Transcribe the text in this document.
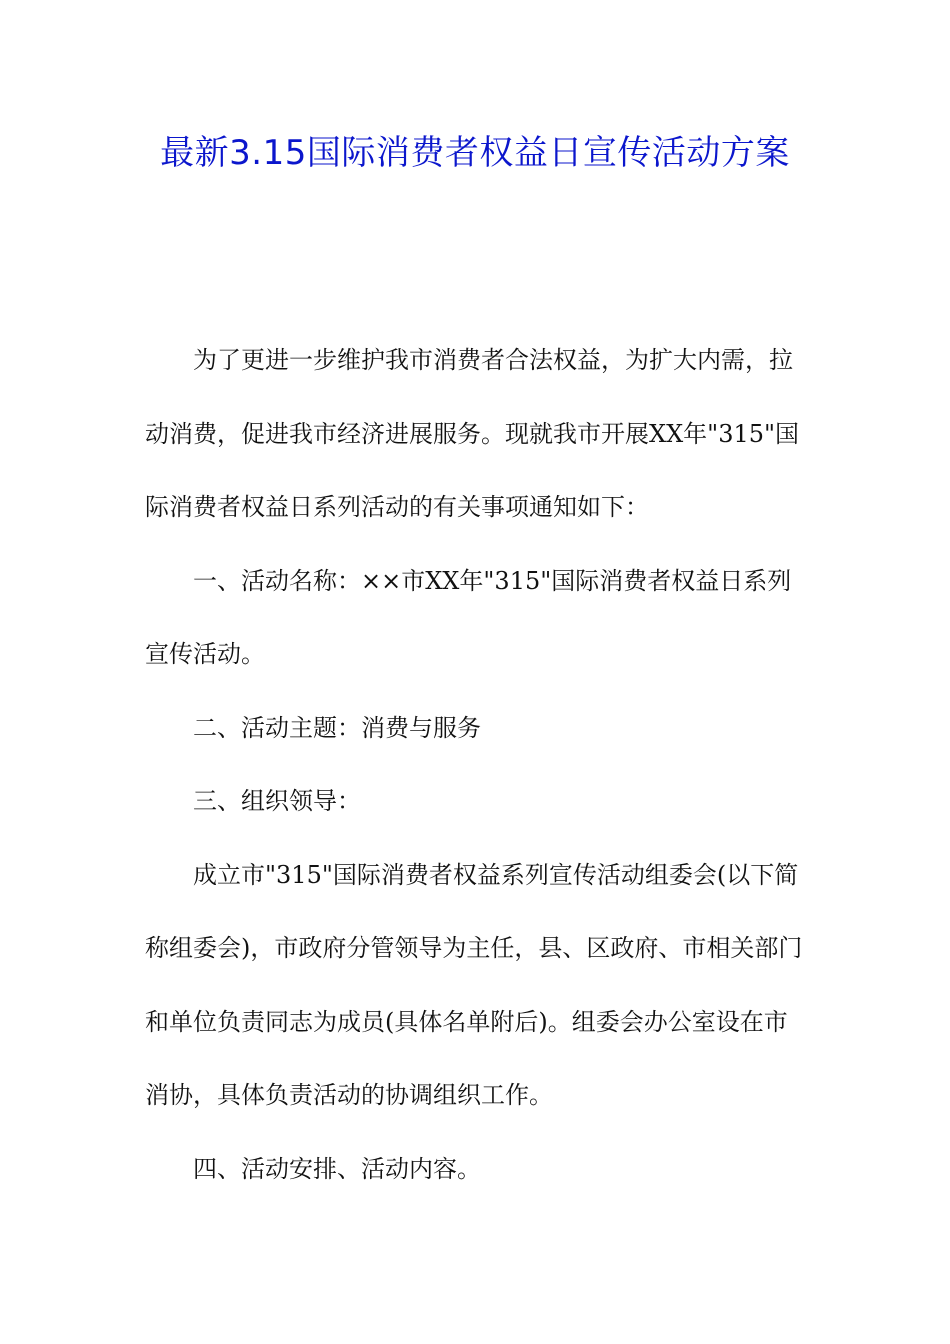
最新3.15国际消费者权益日宣传活动方案

为了更进一步维护我市消费者合法权益，为扩大内需，拉
动消费，促进我市经济进展服务。现就我市开展XX年"315"国
际消费者权益日系列活动的有关事项通知如下：

一、活动名称：××市XX年"315"国际消费者权益日系列
宣传活动。

二、活动主题：消费与服务

三、组织领导：

成立市"315"国际消费者权益系列宣传活动组委会(以下简
称组委会)，市政府分管领导为主任，县、区政府、市相关部门
和单位负责同志为成员(具体名单附后)。组委会办公室设在市
消协，具体负责活动的协调组织工作。

四、活动安排、活动内容。
